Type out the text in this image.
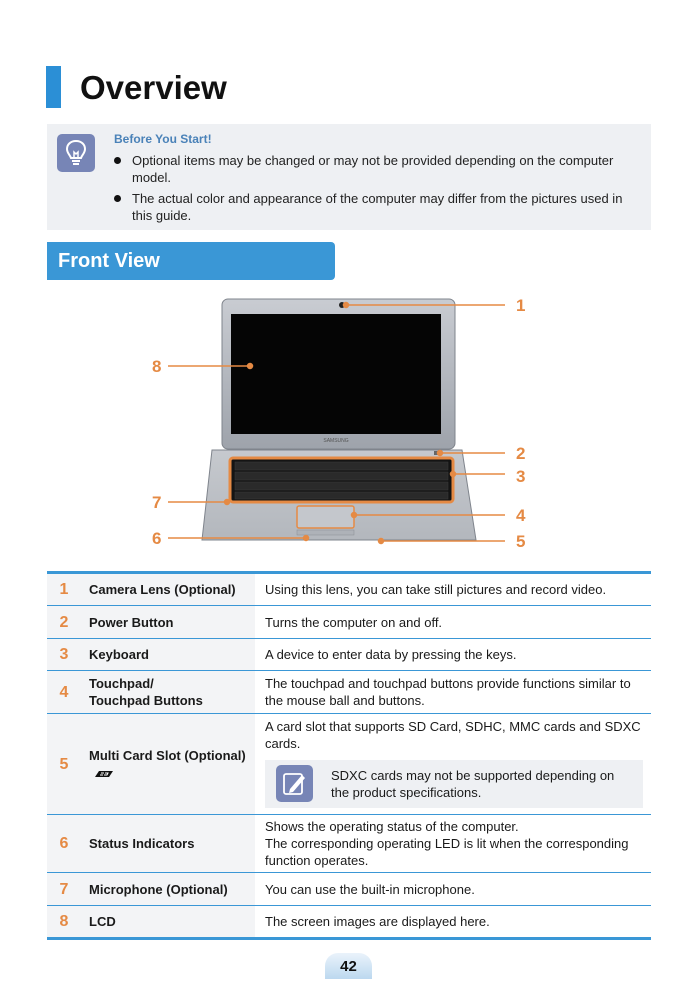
Overview
Before You Start!
Optional items may be changed or may not be provided depending on the computer model.
The actual color and appearance of the computer may differ from the pictures used in this guide.
Front View
SAMSUNG
1
2
3
4
5
6
7
8
1	Camera Lens (Optional)	Using this lens, you can take still pictures and record video.
2	Power Button	Turns the computer on and off.
3	Keyboard	A device to enter data by pressing the keys.
4	Touchpad/
Touchpad Buttons	The touchpad and touchpad buttons provide functions similar to the mouse ball and buttons.
5	Multi Card Slot (Optional)	A card slot that supports SD Card, SDHC, MMC cards and SDXC cards.
SDXC cards may not be supported depending on the product specifications.

6	Status Indicators	Shows the operating status of the computer.
The corresponding operating LED is lit when the corresponding function operates.
7	Microphone (Optional)	You can use the built-in microphone.
8	LCD	The screen images are displayed here.
42
